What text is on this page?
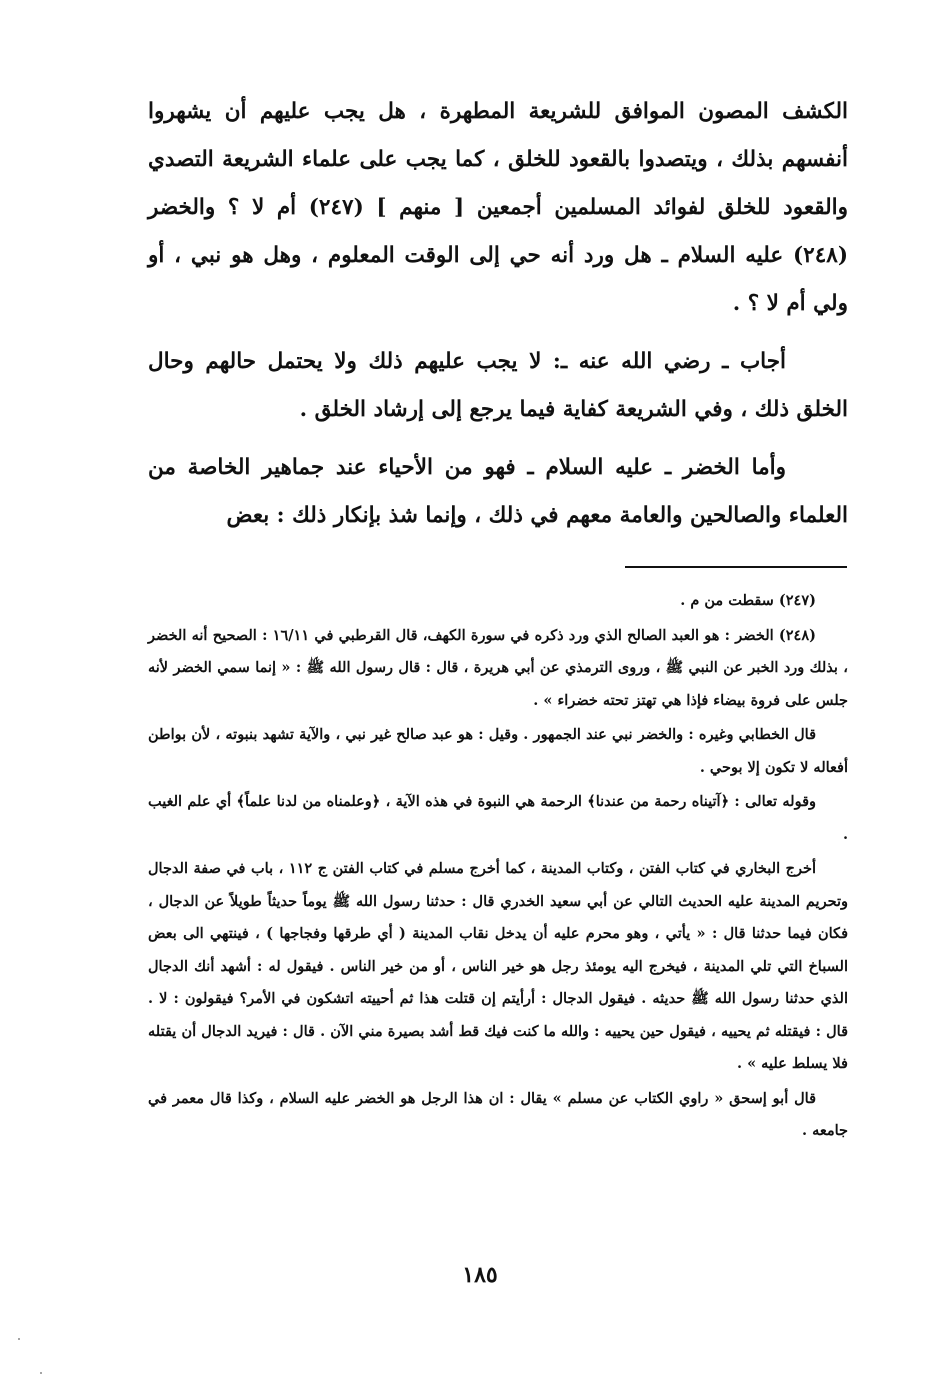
الكشف المصون الموافق للشريعة المطهرة ، هل يجب عليهم أن يشهروا أنفسهم بذلك ، ويتصدوا بالقعود للخلق ، كما يجب على علماء الشريعة التصدي والقعود للخلق لفوائد المسلمين أجمعين [ منهم ] (٢٤٧) أم لا ؟ والخضر (٢٤٨) عليه السلام ـ هل ورد أنه حي إلى الوقت المعلوم ، وهل هو نبي ، أو ولي أم لا ؟ .

أجاب ـ رضي الله عنه ـ: لا يجب عليهم ذلك ولا يحتمل حالهم وحال الخلق ذلك ، وفي الشريعة كفاية فيما يرجع إلى إرشاد الخلق .

وأما الخضر ـ عليه السلام ـ فهو من الأحياء عند جماهير الخاصة من العلماء والصالحين والعامة معهم في ذلك ، وإنما شذ بإنكار ذلك : بعض

(٢٤٧) سقطت من م .

(٢٤٨) الخضر : هو العبد الصالح الذي ورد ذكره في سورة الكهف، قال القرطبي في ١٦/١١ : الصحيح أنه الخضر ، بذلك ورد الخبر عن النبي ﷺ ، وروى الترمذي عن أبي هريرة ، قال : قال رسول الله ﷺ : « إنما سمي الخضر لأنه جلس على فروة بيضاء فإذا هي تهتز تحته خضراء » .

قال الخطابي وغيره : والخضر نبي عند الجمهور . وقيل : هو عبد صالح غير نبي ، والآية تشهد بنبوته ، لأن بواطن أفعاله لا تكون إلا بوحي .

وقوله تعالى : ﴿آتيناه رحمة من عندنا﴾ الرحمة هي النبوة في هذه الآية ، ﴿وعلمناه من لدنا علماً﴾ أي علم الغيب .

أخرج البخاري في كتاب الفتن ، وكتاب المدينة ، كما أخرج مسلم في كتاب الفتن ج ١١٢ ، باب في صفة الدجال وتحريم المدينة عليه الحديث التالي عن أبي سعيد الخدري قال : حدثنا رسول الله ﷺ يوماً حديثاً طويلاً عن الدجال ، فكان فيما حدثنا قال : « يأتي ، وهو محرم عليه أن يدخل نقاب المدينة ( أي طرقها وفجاجها ) ، فينتهي الى بعض السباخ التي تلي المدينة ، فيخرج اليه يومئذ رجل هو خير الناس ، أو من خير الناس . فيقول له : أشهد أنك الدجال الذي حدثنا رسول الله ﷺ حديثه . فيقول الدجال : أرأيتم إن قتلت هذا ثم أحييته اتشكون في الأمر؟ فيقولون : لا . قال : فيقتله ثم يحييه ، فيقول حين يحييه : والله ما كنت فيك قط أشد بصيرة مني الآن . قال : فيريد الدجال أن يقتله فلا يسلط عليه » .

قال أبو إسحق « راوي الكتاب عن مسلم » يقال : ان هذا الرجل هو الخضر عليه السلام ، وكذا قال معمر في جامعه .

١٨٥
